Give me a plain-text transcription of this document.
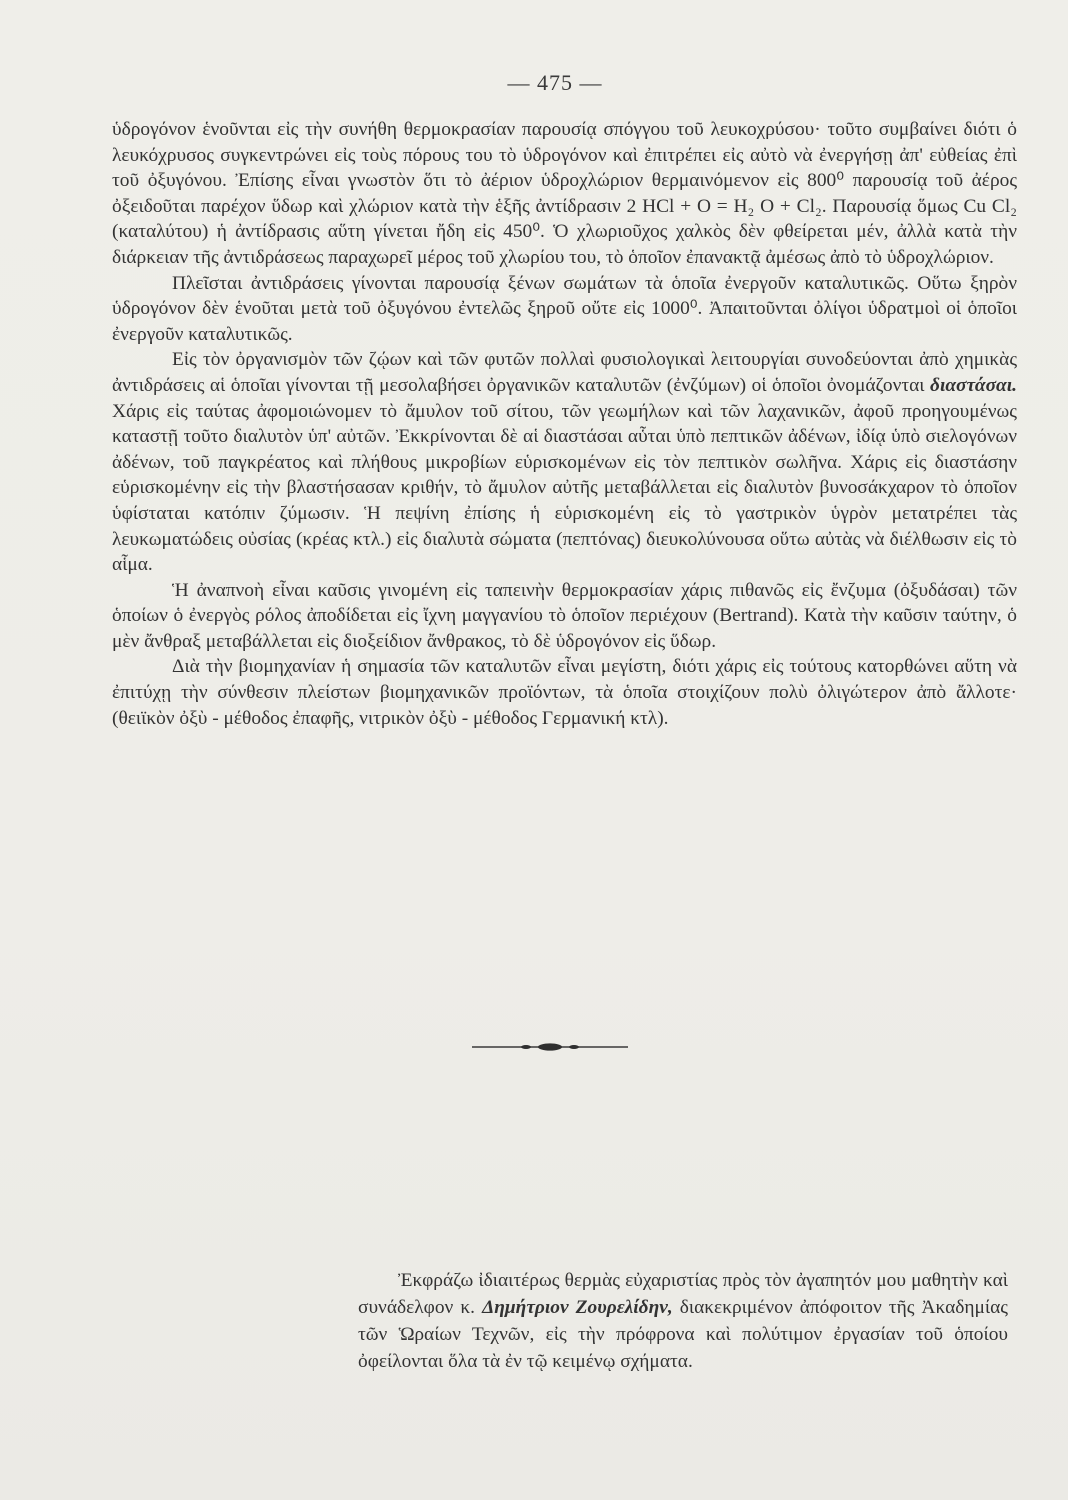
— 475 —

ὑδρογόνον ἑνοῦνται εἰς τὴν συνήθη θερμοκρασίαν παρουσίᾳ σπόγγου τοῦ λευκοχρύσου· τοῦτο συμβαίνει διότι ὁ λευκόχρυσος συγκεντρώνει εἰς τοὺς πόρους του τὸ ὑδρογόνον καὶ ἐπιτρέπει εἰς αὐτὸ νὰ ἐνεργήσῃ ἀπ' εὐθείας ἐπὶ τοῦ ὀξυγόνου. Ἐπίσης εἶναι γνωστὸν ὅτι τὸ ἀέριον ὑδροχλώριον θερμαινόμενον εἰς 800⁰ παρουσίᾳ τοῦ ἀέρος ὀξειδοῦται παρέχον ὕδωρ καὶ χλώριον κατὰ τὴν ἑξῆς ἀντίδρασιν 2 HCl + O = H₂ O + Cl₂. Παρουσίᾳ ὅμως Cu Cl₂ (καταλύτου) ἡ ἀντίδρασις αὕτη γίνεται ἤδη εἰς 450⁰. Ὁ χλωριοῦχος χαλκὸς δὲν φθείρεται μέν, ἀλλὰ κατὰ τὴν διάρκειαν τῆς ἀντιδράσεως παραχωρεῖ μέρος τοῦ χλωρίου του, τὸ ὁποῖον ἐπανακτᾷ ἀμέσως ἀπὸ τὸ ὑδροχλώριον.

Πλεῖσται ἀντιδράσεις γίνονται παρουσίᾳ ξένων σωμάτων τὰ ὁποῖα ἐνεργοῦν καταλυτικῶς. Οὕτω ξηρὸν ὑδρογόνον δὲν ἑνοῦται μετὰ τοῦ ὀξυγόνου ἐντελῶς ξηροῦ οὔτε εἰς 1000⁰. Ἀπαιτοῦνται ὀλίγοι ὑδρατμοὶ οἱ ὁποῖοι ἐνεργοῦν καταλυτικῶς.

Εἰς τὸν ὀργανισμὸν τῶν ζῴων καὶ τῶν φυτῶν πολλαὶ φυσιολογικαὶ λειτουργίαι συνοδεύονται ἀπὸ χημικὰς ἀντιδράσεις αἱ ὁποῖαι γίνονται τῇ μεσολαβήσει ὀργανικῶν καταλυτῶν (ἐνζύμων) οἱ ὁποῖοι ὀνομάζονται διαστάσαι. Χάρις εἰς ταύτας ἀφομοιώνομεν τὸ ἄμυλον τοῦ σίτου, τῶν γεωμήλων καὶ τῶν λαχανικῶν, ἀφοῦ προηγουμένως καταστῇ τοῦτο διαλυτὸν ὑπ' αὐτῶν. Ἐκκρίνονται δὲ αἱ διαστάσαι αὗται ὑπὸ πεπτικῶν ἀδένων, ἰδίᾳ ὑπὸ σιελογόνων ἀδένων, τοῦ παγκρέατος καὶ πλήθους μικροβίων εὑρισκομένων εἰς τὸν πεπτικὸν σωλῆνα. Χάρις εἰς διαστάσην εὑρισκομένην εἰς τὴν βλαστήσασαν κριθήν, τὸ ἄμυλον αὐτῆς μεταβάλλεται εἰς διαλυτὸν βυνοσάκχαρον τὸ ὁποῖον ὑφίσταται κατόπιν ζύμωσιν. Ἡ πεψίνη ἐπίσης ἡ εὑρισκομένη εἰς τὸ γαστρικὸν ὑγρὸν μετατρέπει τὰς λευκωματώδεις οὐσίας (κρέας κτλ.) εἰς διαλυτὰ σώματα (πεπτόνας) διευκολύνουσα οὕτω αὐτὰς νὰ διέλθωσιν εἰς τὸ αἷμα.

Ἡ ἀναπνοὴ εἶναι καῦσις γινομένη εἰς ταπεινὴν θερμοκρασίαν χάρις πιθανῶς εἰς ἔνζυμα (ὀξυδάσαι) τῶν ὁποίων ὁ ἐνεργὸς ρόλος ἀποδίδεται εἰς ἴχνη μαγγανίου τὸ ὁποῖον περιέχουν (Bertrand). Κατὰ τὴν καῦσιν ταύτην, ὁ μὲν ἄνθραξ μεταβάλλεται εἰς διοξείδιον ἄνθρακος, τὸ δὲ ὑδρογόνον εἰς ὕδωρ.

Διὰ τὴν βιομηχανίαν ἡ σημασία τῶν καταλυτῶν εἶναι μεγίστη, διότι χάρις εἰς τούτους κατορθώνει αὕτη νὰ ἐπιτύχῃ τὴν σύνθεσιν πλείστων βιομηχανικῶν προϊόντων, τὰ ὁποῖα στοιχίζουν πολὺ ὀλιγώτερον ἀπὸ ἄλλοτε· (θειϊκὸν ὀξὺ - μέθοδος ἐπαφῆς, νιτρικὸν ὀξὺ - μέθοδος Γερμανική κτλ).

Ἐκφράζω ἰδιαιτέρως θερμὰς εὐχαριστίας πρὸς τὸν ἀγαπητόν μου μαθητὴν καὶ συνάδελφον κ. Δημήτριον Ζουρελίδην, διακεκριμένον ἀπόφοιτον τῆς Ἀκαδημίας τῶν Ὡραίων Τεχνῶν, εἰς τὴν πρόφρονα καὶ πολύτιμον ἐργασίαν τοῦ ὁποίου ὀφείλονται ὅλα τὰ ἐν τῷ κειμένῳ σχήματα.
